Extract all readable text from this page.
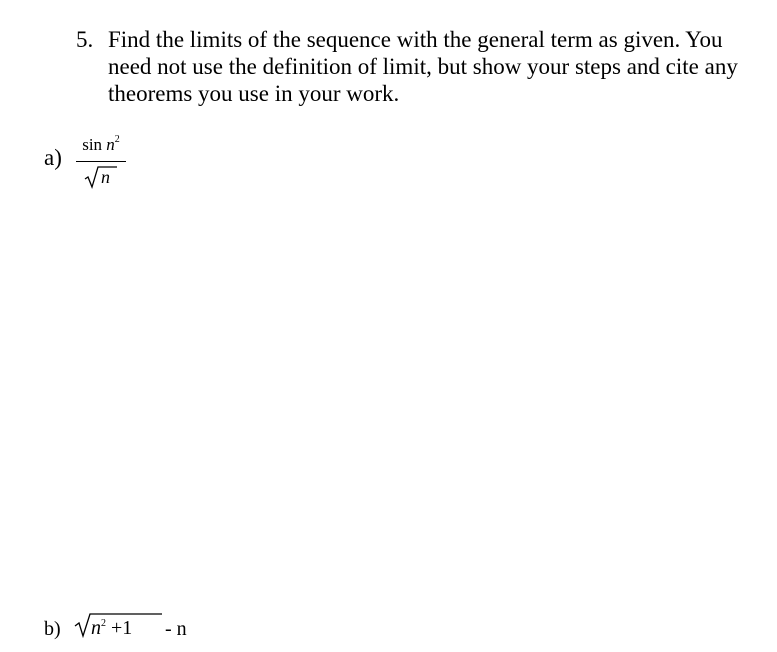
5. Find the limits of the sequence with the general term as given. You need not use the definition of limit, but show your steps and cite any theorems you use in your work.
a)
$\sin n^2$
n
b) $n^2 +1 - n$
